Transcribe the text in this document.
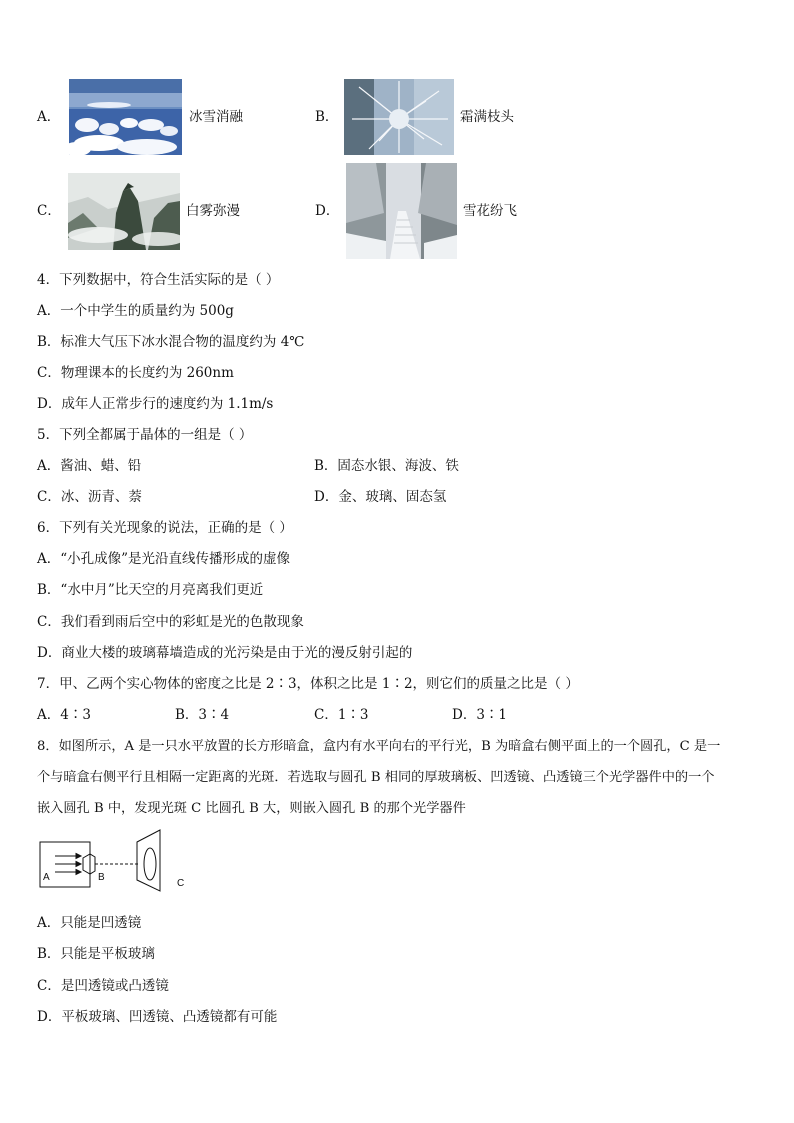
A．	冰雪消融	B．	霜满枝头
C．	白雾弥漫	D．	雪花纷飞
4．下列数据中，符合生活实际的是（ ）
A．一个中学生的质量约为 500g
B．标准大气压下冰水混合物的温度约为 4℃
C．物理课本的长度约为 260nm
D．成年人正常步行的速度约为 1.1m/s
5．下列全都属于晶体的一组是（ ）
A．酱油、蜡、铅	B．固态水银、海波、铁
C．冰、沥青、萘	D．金、玻璃、固态氢
6．下列有关光现象的说法，正确的是（ ）
A．“小孔成像”是光沿直线传播形成的虚像
B．“水中月”比天空的月亮离我们更近
C．我们看到雨后空中的彩虹是光的色散现象
D．商业大楼的玻璃幕墙造成的光污染是由于光的漫反射引起的
7．甲、乙两个实心物体的密度之比是 2∶3，体积之比是 1∶2，则它们的质量之比是（ ）
A．4∶3	B．3∶4	C．1∶3	D．3∶1
8．如图所示，A 是一只水平放置的长方形暗盒，盒内有水平向右的平行光，B 为暗盒右侧平面上的一个圆孔，C 是一
个与暗盒右侧平行且相隔一定距离的光斑．若选取与圆孔 B 相同的厚玻璃板、凹透镜、凸透镜三个光学器件中的一个
嵌入圆孔 B 中，发现光斑 C 比圆孔 B 大，则嵌入圆孔 B 的那个光学器件
A	B
C
A．只能是凹透镜
B．只能是平板玻璃
C．是凹透镜或凸透镜
D．平板玻璃、凹透镜、凸透镜都有可能
